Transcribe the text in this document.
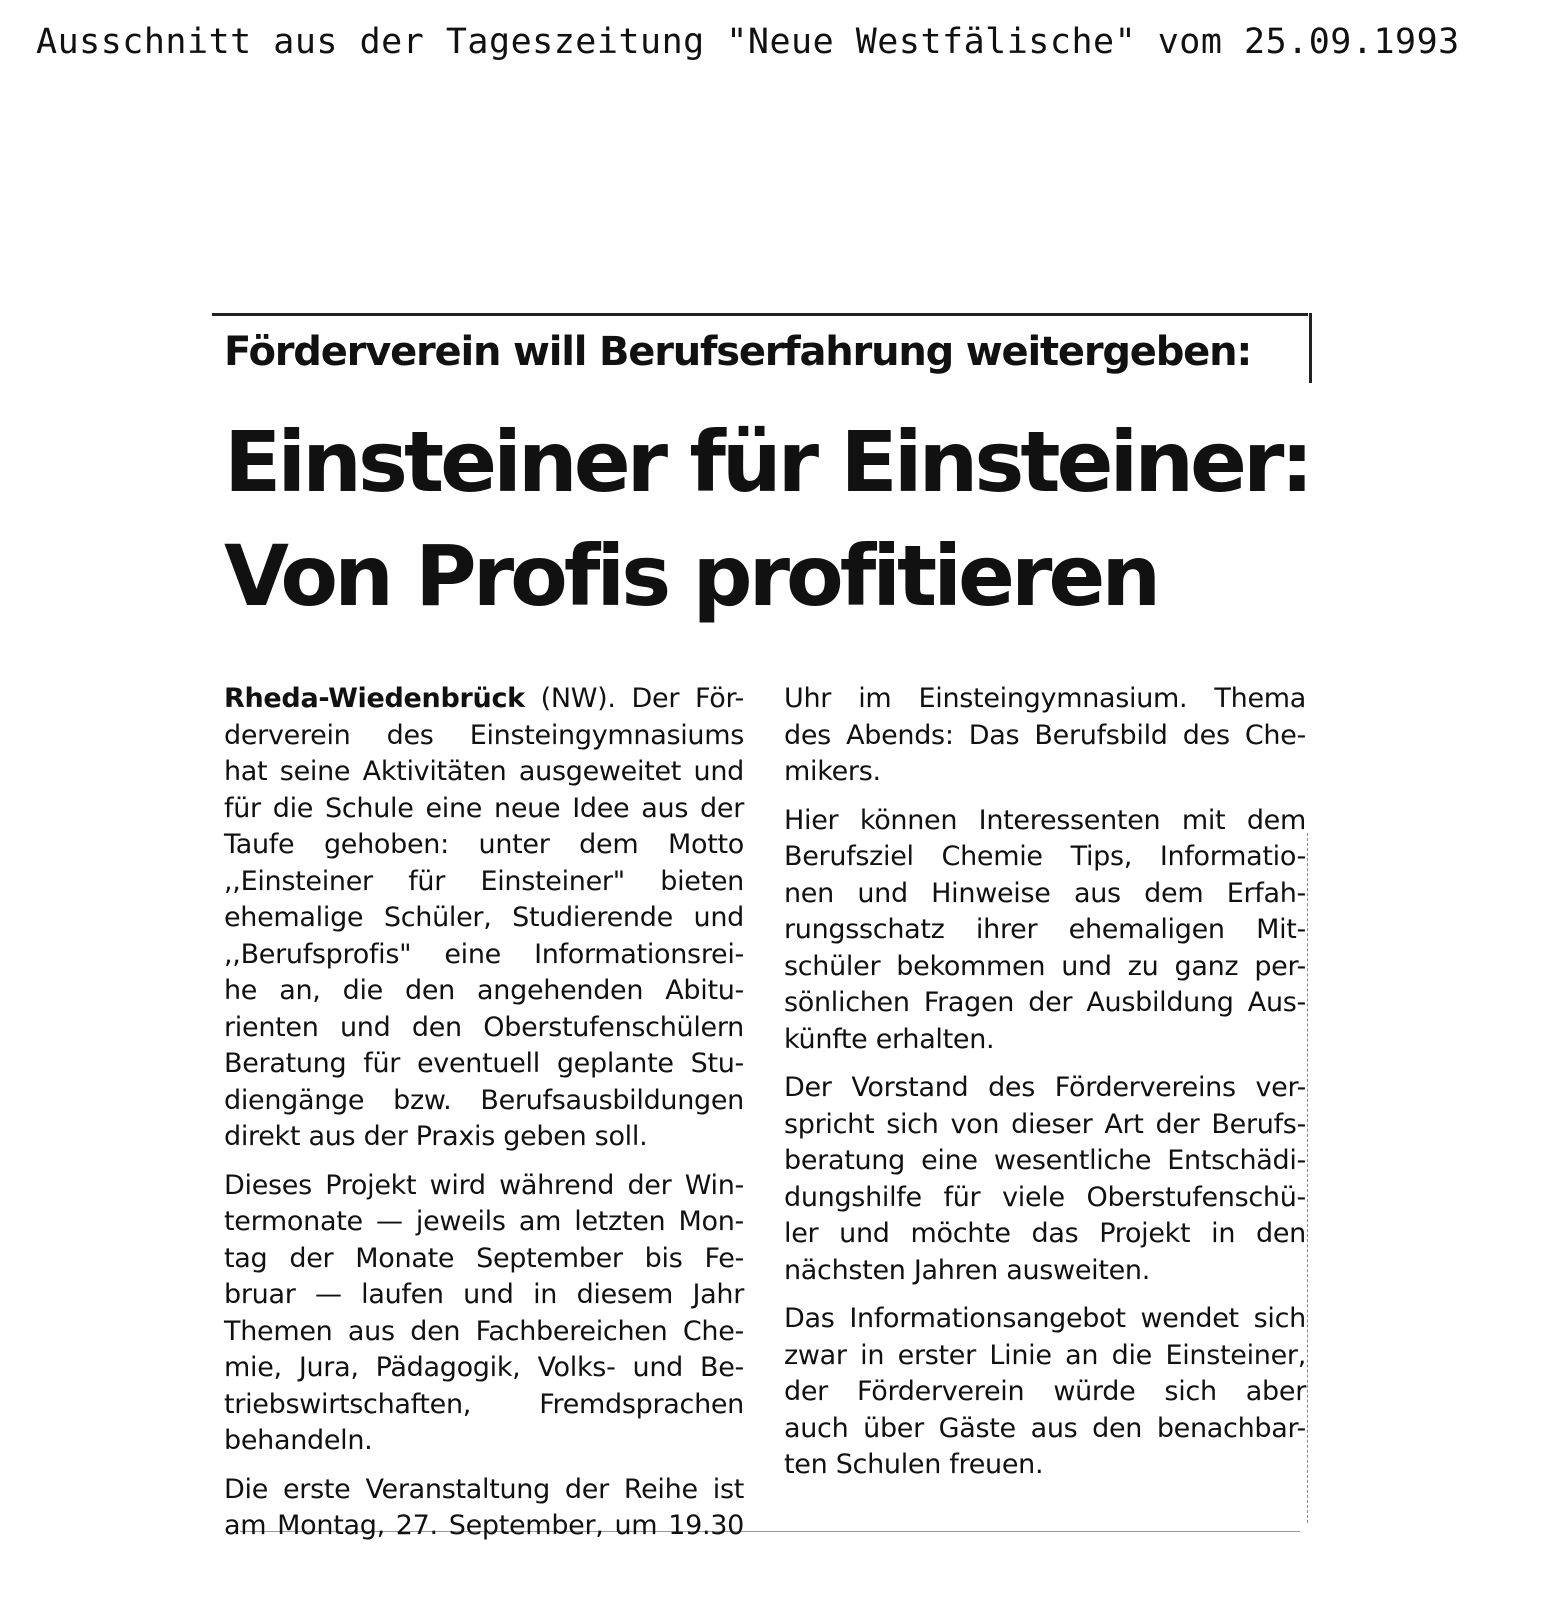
Ausschnitt aus der Tageszeitung "Neue Westfälische" vom 25.09.1993
Förderverein will Berufserfahrung weitergeben:
Einsteiner für Einsteiner:
Von Profis profitieren

Rheda-Wiedenbrück (NW). Der För-
derverein des Einsteingymnasiums
hat seine Aktivitäten ausgeweitet und
für die Schule eine neue Idee aus der
Taufe gehoben: unter dem Motto
,,Einsteiner für Einsteiner" bieten
ehemalige Schüler, Studierende und
,,Berufsprofis" eine Informationsrei-
he an, die den angehenden Abitu-
rienten und den Oberstufenschülern
Beratung für eventuell geplante Stu-
diengänge bzw. Berufsausbildungen
direkt aus der Praxis geben soll.

Dieses Projekt wird während der Win-
termonate — jeweils am letzten Mon-
tag der Monate September bis Fe-
bruar — laufen und in diesem Jahr
Themen aus den Fachbereichen Che-
mie, Jura, Pädagogik, Volks- und Be-
triebswirtschaften, Fremdsprachen
behandeln.

Die erste Veranstaltung der Reihe ist
am Montag, 27. September, um 19.30

Uhr im Einsteingymnasium. Thema
des Abends: Das Berufsbild des Che-
mikers.

Hier können Interessenten mit dem
Berufsziel Chemie Tips, Informatio-
nen und Hinweise aus dem Erfah-
rungsschatz ihrer ehemaligen Mit-
schüler bekommen und zu ganz per-
sönlichen Fragen der Ausbildung Aus-
künfte erhalten.

Der Vorstand des Fördervereins ver-
spricht sich von dieser Art der Berufs-
beratung eine wesentliche Entschädi-
dungshilfe für viele Oberstufenschü-
ler und möchte das Projekt in den
nächsten Jahren ausweiten.

Das Informationsangebot wendet sich
zwar in erster Linie an die Einsteiner,
der Förderverein würde sich aber
auch über Gäste aus den benachbar-
ten Schulen freuen.
